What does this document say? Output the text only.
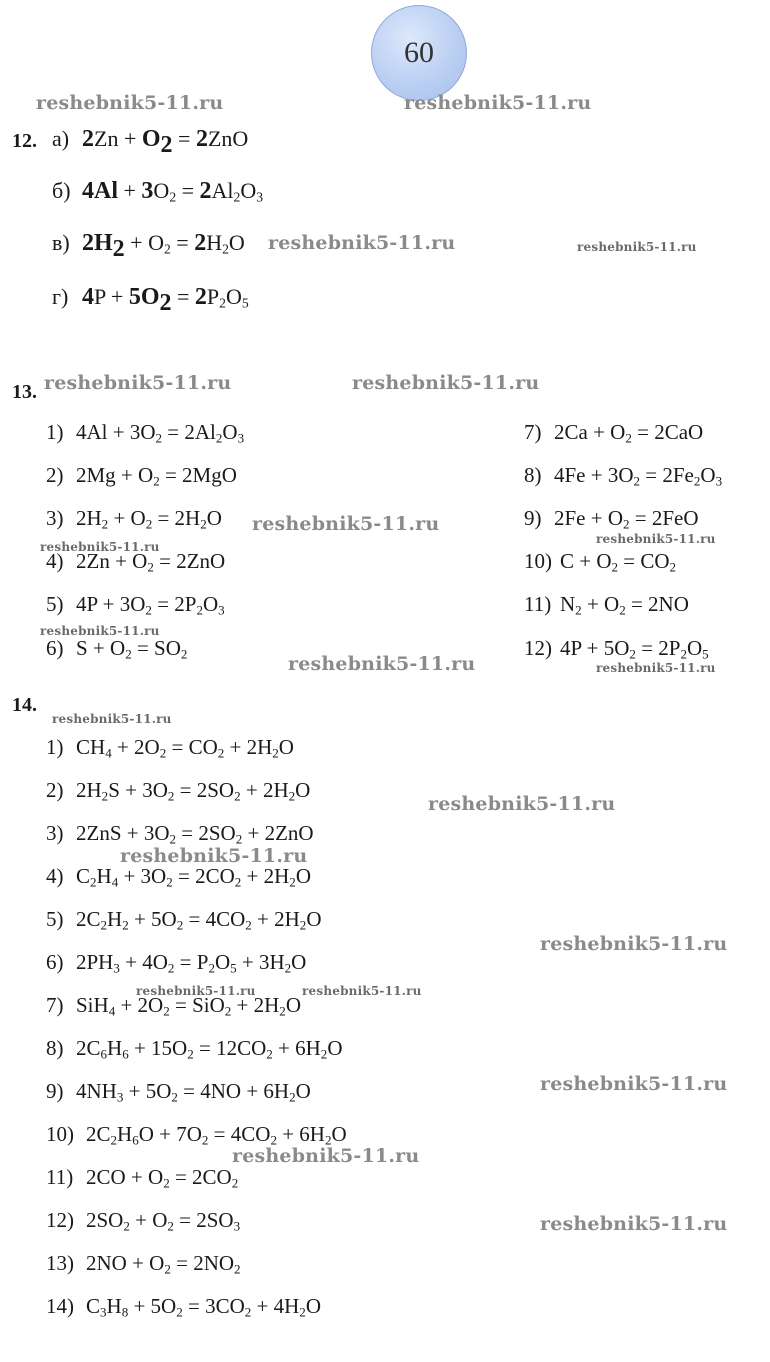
60
reshebnik5-11.ru	reshebnik5-11.ru
reshebnik5-11.ru	reshebnik5-11.ru
reshebnik5-11.ru	reshebnik5-11.ru
reshebnik5-11.ru
reshebnik5-11.ru
reshebnik5-11.ru
reshebnik5-11.ru
reshebnik5-11.ru	reshebnik5-11.ru
reshebnik5-11.ru
reshebnik5-11.ru
reshebnik5-11.ru
reshebnik5-11.ru
reshebnik5-11.ru	reshebnik5-11.ru
reshebnik5-11.ru
reshebnik5-11.ru
reshebnik5-11.ru
12.
13.
14.
а) $2Zn + O_2 = 2ZnO$
б) $4Al + 3O_2 = 2Al_2O_3$
в) $2H_2 + O_2 = 2H_2O$
г) $4P + 5O_2 = 2P_2O_5$
1) $4Al + 3O_2 = 2Al_2O_3$
2) $2Mg + O_2 = 2MgO$
3) $2H_2 + O_2 = 2H_2O$
4) $2Zn + O_2 = 2ZnO$
5) $4P + 3O_2 = 2P_2O_3$
6) $S + O_2 = SO_2$
7) $2Ca + O_2 = 2CaO$
8) $4Fe + 3O_2 = 2Fe_2O_3$
9) $2Fe + O_2 = 2FeO$
10) $C + O_2 = CO_2$
11) $N_2 + O_2 = 2NO$
12) $4P + 5O_2 = 2P_2O_5$
1) $CH_4 + 2O_2 = CO_2 + 2H_2O$
2) $2H_2S + 3O_2 = 2SO_2 + 2H_2O$
3) $2ZnS + 3O_2 = 2SO_2 + 2ZnO$
4) $C_2H_4 + 3O_2 = 2CO_2 + 2H_2O$
5) $2C_2H_2 + 5O_2 = 4CO_2 + 2H_2O$
6) $2PH_3 + 4O_2 = P_2O_5 + 3H_2O$
7) $SiH_4 + 2O_2 = SiO_2 + 2H_2O$
8) $2C_6H_6 + 15O_2 = 12CO_2 + 6H_2O$
9) $4NH_3 + 5O_2 = 4NO + 6H_2O$
10) $2C_2H_6O + 7O_2 = 4CO_2 + 6H_2O$
11) $2CO + O_2 = 2CO_2$
12) $2SO_2 + O_2 = 2SO_3$
13) $2NO + O_2 = 2NO_2$
14) $C_3H_8 + 5O_2 = 3CO_2 + 4H_2O$
